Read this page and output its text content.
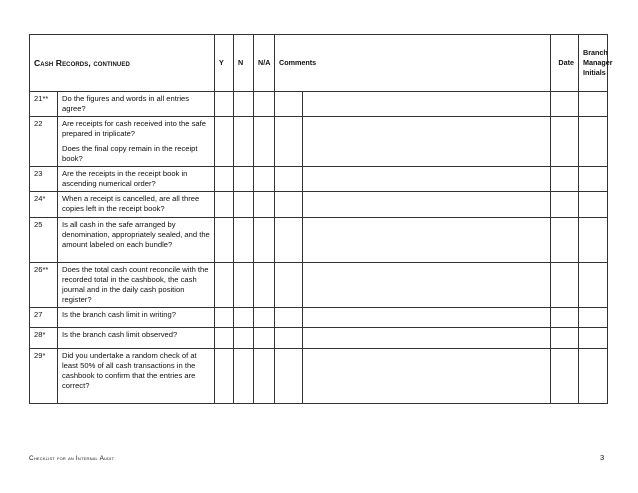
Cash Records, continued		Y	N	N/A	Comments		Date	Branch
Manager
Initials
21**	Do the figures and words in all entries agree?							

22	Are receipts for cash received into the safe prepared in triplicate?
Does the final copy remain in the receipt book?							

23	Are the receipts in the receipt book in ascending numerical order?							

24*	When a receipt is cancelled, are all three copies left in the receipt book?							

25	Is all cash in the safe arranged by denomination, appropriately sealed, and the amount labeled on each bundle?							

26**	Does the total cash count reconcile with the recorded total in the cashbook, the cash journal and in the daily cash position register?							

27	Is the branch cash limit in writing?							

28*	Is the branch cash limit observed?							

29*	Did you undertake a random check of at least 50% of all cash transactions in the cashbook to confirm that the entries are correct?							

Checklist for an Internal Audit	3
